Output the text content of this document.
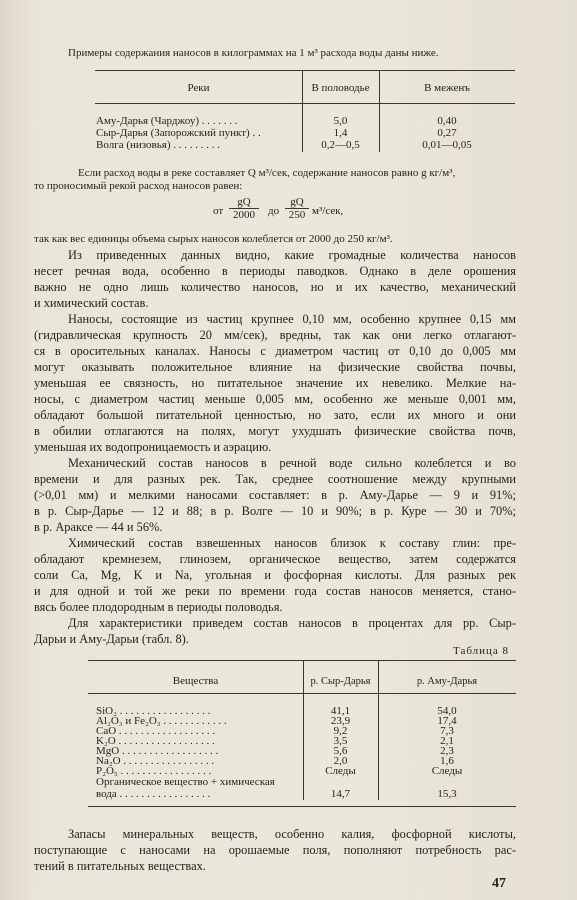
Примеры содержания наносов в килограммах на 1 м³ расхода воды даны ниже.
Реки	В половодье	В меженъ
Аму-Дарья (Чарджоу) . . . . . . .	5,0	0,40
Сыр-Дарья (Запорожский пункт) . .	1,4	0,27
Волга (низовья) . . . . . . . . .	0,2—0,5	0,01—0,05
Если расход воды в реке составляет Q м³/сек, содержание наносов равно g кг/м³,
то проносимый рекой расход наносов равен:
от $\frac{gQ}{2000}$ до $\frac{gQ}{250} м^3/сек$,
так как вес единицы объема сырых наносов колеблется от 2000 до 250 кг/м³.
Из приведенных данных видно, какие громадные количества наносов
несет речная вода, особенно в периоды паводков. Однако в деле орошения
важно не одно лишь количество наносов, но и их качество, механический
и химический состав.
Наносы, состоящие из частиц крупнее 0,10 мм, особенно крупнее 0,15 мм
(гидравлическая крупность 20 мм/сек), вредны, так как они легко отлагают-
ся в оросительных каналах. Наносы с диаметром частиц от 0,10 до 0,005 мм
могут оказывать положительное влияние на физические свойства почвы,
уменьшая ее связность, но питательное значение их невелико. Мелкие на-
носы, с диаметром частиц меньше 0,005 мм, особенно же меньше 0,001 мм,
обладают большой питательной ценностью, но зато, если их много и они
в обилии отлагаются на полях, могут ухудшать физические свойства почв,
уменьшая их водопроницаемость и аэрацию.
Механический состав наносов в речной воде сильно колеблется и во
времени и для разных рек. Так, среднее соотношение между крупными
(>0,01 мм) и мелкими наносами составляет: в р. Аму-Дарье — 9 и 91%;
в р. Сыр-Дарье — 12 и 88; в р. Волге — 10 и 90%; в р. Куре — 30 и 70%;
в р. Араксе — 44 и 56%.
Химический состав взвешенных наносов близок к составу глин: пре-
обладают кремнезем, глинозем, органическое вещество, затем содержатся
соли Ca, Mg, K и Na, угольная и фосфорная кислоты. Для разных рек
и для одной и той же реки по времени года состав наносов меняется, стано-
вясь более плодородным в периоды половодья.
Для характеристики приведем состав наносов в процентах для рр. Сыр-
Дарьи и Аму-Дарьи (табл. 8).
Таблица 8
Вещества	р. Сыр-Дарья	р. Аму-Дарья
SiO₂ . . . . . . . . . . . . . . . . .	41,1	54,0
Al₂O₃ и Fe₂O₃ . . . . . . . . . . . .	23,9	17,4
CaO . . . . . . . . . . . . . . . . . .	9,2	7,3
K₂O . . . . . . . . . . . . . . . . . .	3,5	2,1
MgO . . . . . . . . . . . . . . . . . .	5,6	2,3
Na₂O . . . . . . . . . . . . . . . . .	2,0	1,6
P₂O₅ . . . . . . . . . . . . . . . . .	Следы	Следы
Органическое вещество + химическая
вода . . . . . . . . . . . . . . . . .	14,7	15,3
Запасы минеральных веществ, особенно калия, фосфорной кислоты,
поступающие с наносами на орошаемые поля, пополняют потребность рас-
тений в питательных веществах.
47
